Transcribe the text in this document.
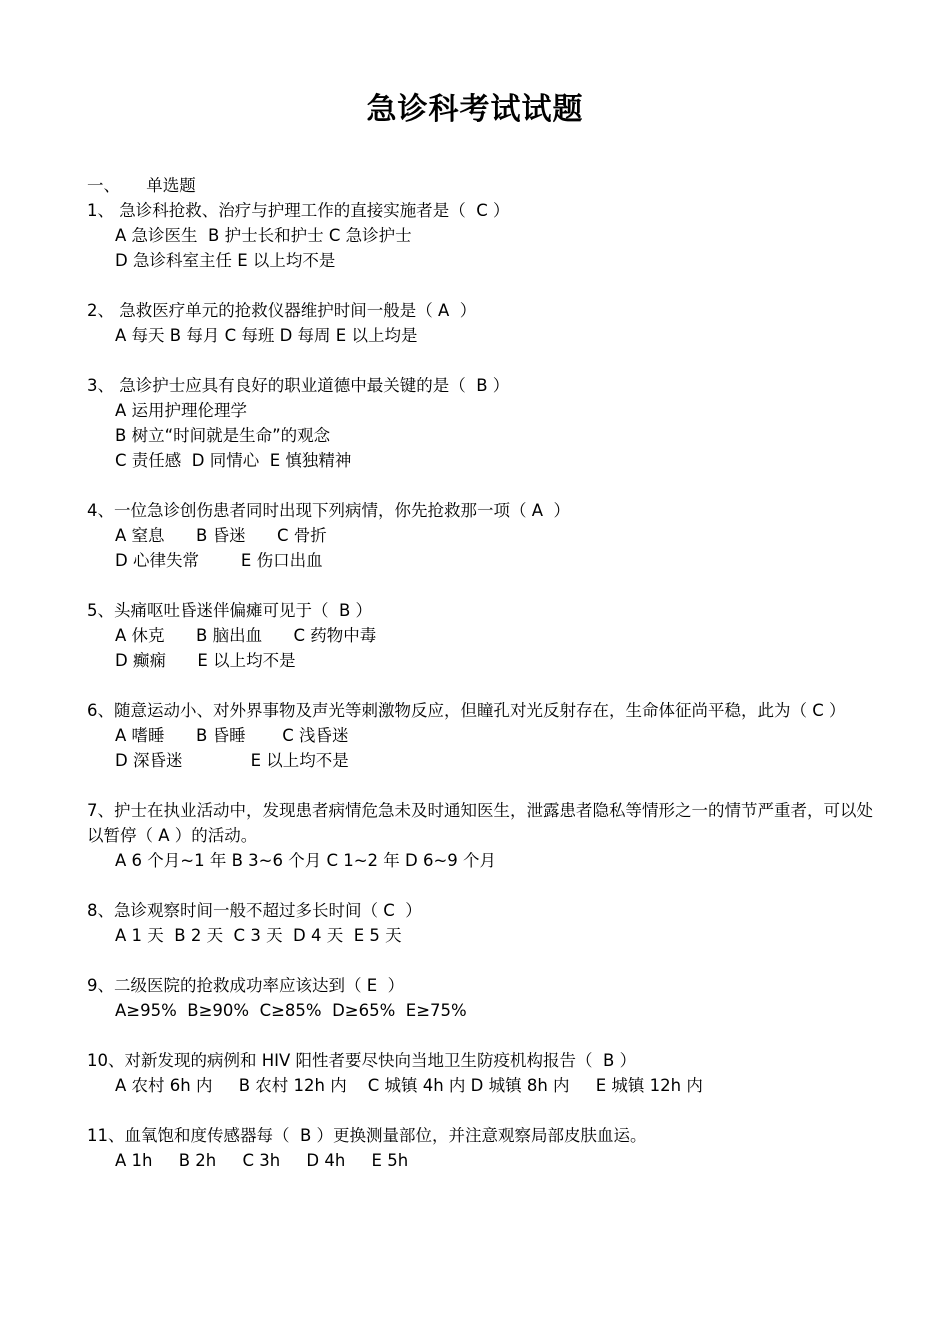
急诊科考试试题
一、     单选题
1、 急诊科抢救、治疗与护理工作的直接实施者是（  C ）
A 急诊医生  B 护士长和护士 C 急诊护士
D 急诊科室主任 E 以上均不是
2、 急救医疗单元的抢救仪器维护时间一般是（ A  ）
A 每天 B 每月 C 每班 D 每周 E 以上均是
3、 急诊护士应具有良好的职业道德中最关键的是（  B ）
A 运用护理伦理学
B 树立“时间就是生命”的观念
C 责任感  D 同情心  E 慎独精神
4、一位急诊创伤患者同时出现下列病情，你先抢救那一项（ A  ）
A 窒息      B 昏迷      C 骨折
D 心律失常        E 伤口出血
5、头痛呕吐昏迷伴偏瘫可见于（  B ）
A 休克      B 脑出血      C 药物中毒
D 癫痫      E 以上均不是
6、随意运动小、对外界事物及声光等刺激物反应，但瞳孔对光反射存在，生命体征尚平稳，此为（ C ）
A 嗜睡      B 昏睡       C 浅昏迷
D 深昏迷             E 以上均不是
7、护士在执业活动中，发现患者病情危急未及时通知医生，泄露患者隐私等情形之一的情节严重者，可以处以暂停（ A ）的活动。
A 6 个月~1 年 B 3~6 个月 C 1~2 年 D 6~9 个月
8、急诊观察时间一般不超过多长时间（ C  ）
A 1 天  B 2 天  C 3 天  D 4 天  E 5 天
9、二级医院的抢救成功率应该达到（ E  ）
A≥95%  B≥90%  C≥85%  D≥65%  E≥75%
10、对新发现的病例和 HIV 阳性者要尽快向当地卫生防疫机构报告（  B ）
A 农村 6h 内     B 农村 12h 内    C 城镇 4h 内 D 城镇 8h 内     E 城镇 12h 内
11、血氧饱和度传感器每（  B ）更换测量部位，并注意观察局部皮肤血运。
A 1h     B 2h     C 3h     D 4h     E 5h
